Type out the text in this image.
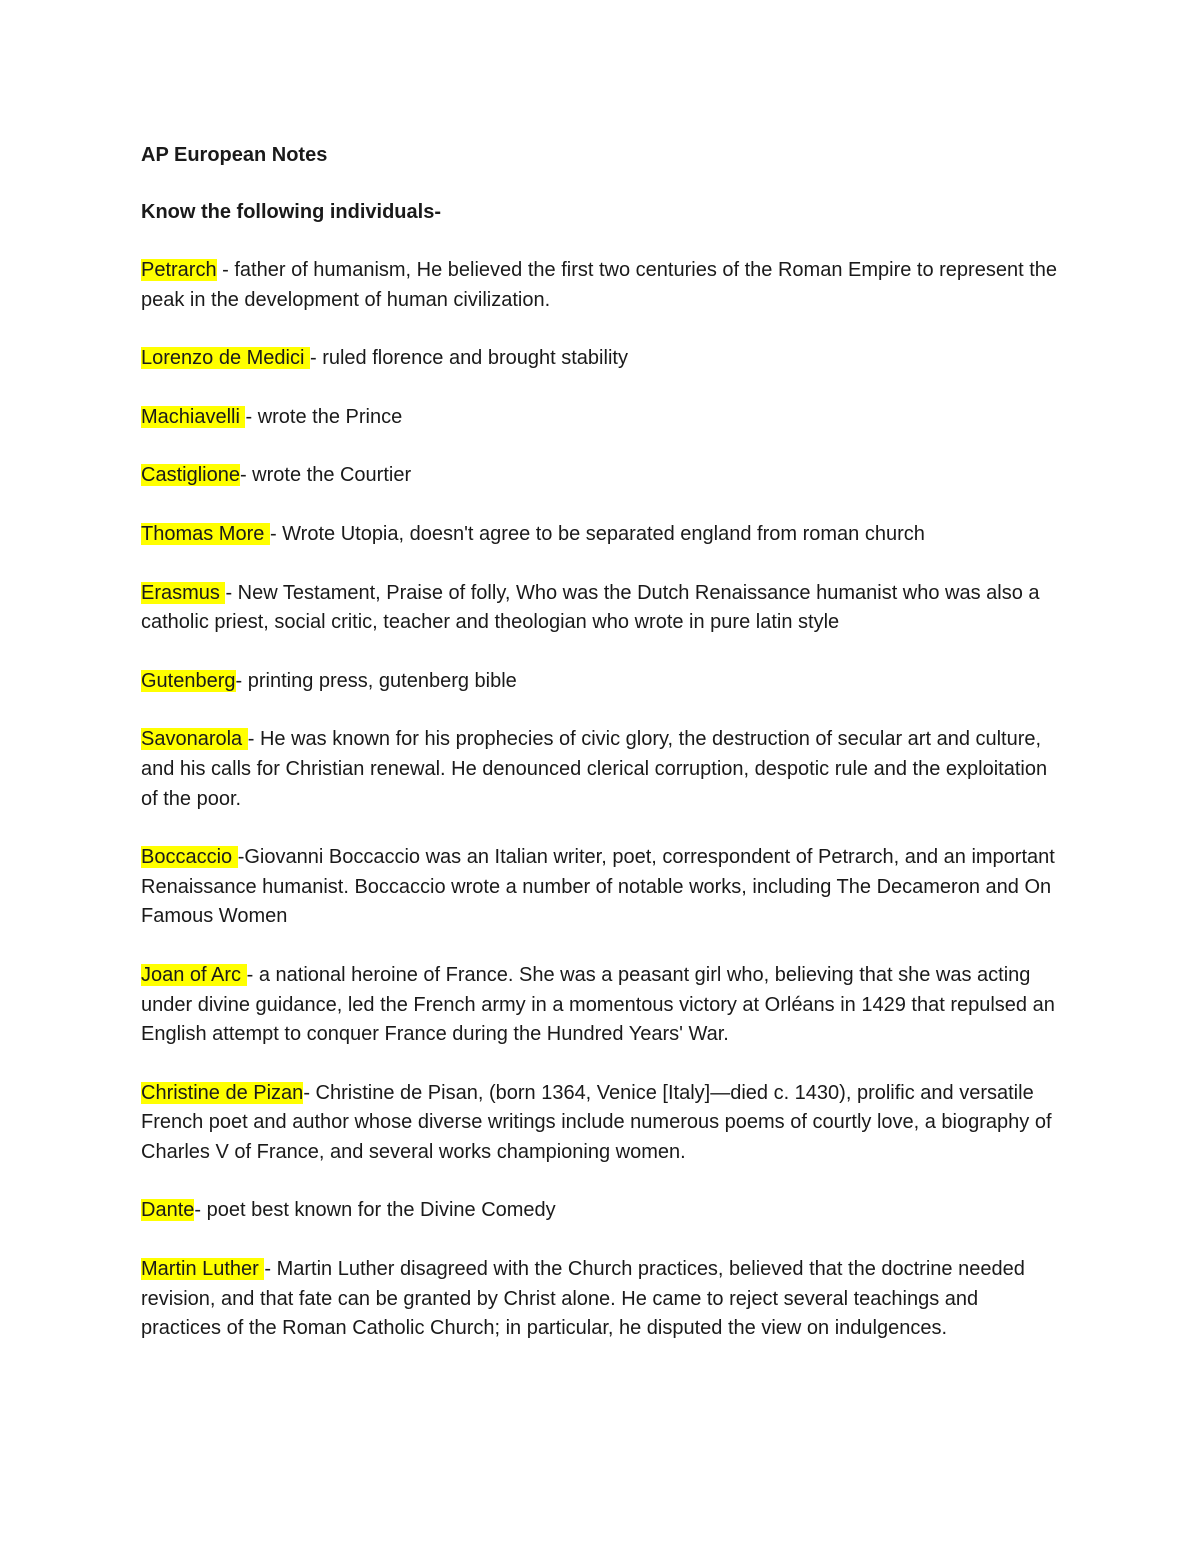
AP European Notes
Know the following individuals-
Petrarch - father of humanism, He believed the first two centuries of the Roman Empire to represent the peak in the development of human civilization.
Lorenzo de Medici - ruled florence and brought stability
Machiavelli - wrote the Prince
Castiglione- wrote the Courtier
Thomas More - Wrote Utopia, doesn't agree to be separated england from roman church
Erasmus - New Testament, Praise of folly, Who was the Dutch Renaissance humanist who was also a catholic priest, social critic, teacher and theologian who wrote in pure latin style
Gutenberg- printing press, gutenberg bible
Savonarola - He was known for his prophecies of civic glory, the destruction of secular art and culture, and his calls for Christian renewal. He denounced clerical corruption, despotic rule and the exploitation of the poor.
Boccaccio -Giovanni Boccaccio was an Italian writer, poet, correspondent of Petrarch, and an important Renaissance humanist. Boccaccio wrote a number of notable works, including The Decameron and On Famous Women
Joan of Arc - a national heroine of France. She was a peasant girl who, believing that she was acting under divine guidance, led the French army in a momentous victory at Orléans in 1429 that repulsed an English attempt to conquer France during the Hundred Years' War.
Christine de Pizan- Christine de Pisan, (born 1364, Venice [Italy]—died c. 1430), prolific and versatile French poet and author whose diverse writings include numerous poems of courtly love, a biography of Charles V of France, and several works championing women.
Dante- poet best known for the Divine Comedy
Martin Luther - Martin Luther disagreed with the Church practices, believed that the doctrine needed revision, and that fate can be granted by Christ alone. He came to reject several teachings and practices of the Roman Catholic Church; in particular, he disputed the view on indulgences.
